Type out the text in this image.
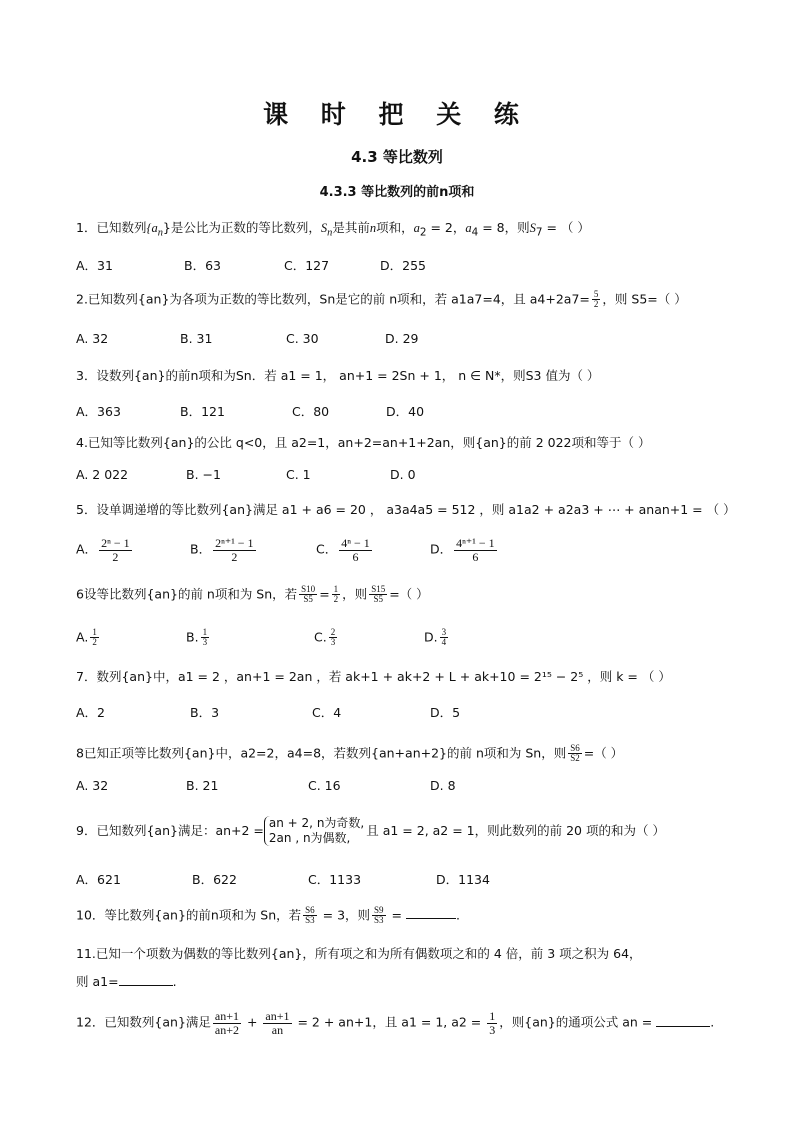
课 时 把 关 练
4.3 等比数列
4.3.3 等比数列的前n项和
1．已知数列$\{a_n\}$是公比为正数的等比数列，$S_n$是其前n项和，$a_2 = 2$，$a_4 = 8$，则$S_7$ = （ ）
A．31	B．63	C．127	D．255
2.已知数列{an}为各项为正数的等比数列，Sn是它的前 n项和，若 a1a7=4，且 $a4+2a7= \frac{5}{2}$ ，则 S5=（ ）
A. 32	B. 31	C. 30	D. 29
3．设数列{an}的前n项和为Sn．若 a1 = 1， an+1 = 2Sn + 1， n ∈ N*，则S3 值为（ ）
A．363	B．121	C．80	D．40
4.已知等比数列{an}的公比 q<0，且 a2=1，an+2=an+1+2an，则{an}的前 2 022项和等于（ ）
A. 2 022	B. −1	C. 1	D. 0
5．设单调递增的等比数列{an}满足 a1 + a6 = 20 ， a3a4a5 = 512 ，则 a1a2 + a2a3 + ⋯ + anan+1 = （ ）
A． $\frac{\text{2ⁿ − 1}}{2}$	B． $\frac{\text{2ⁿ⁺¹ − 1}}{2}$	C． $\frac{\text{4ⁿ − 1}}{6}$	D． $\frac{\text{4ⁿ⁺¹ − 1}}{6}$
6设等比数列{an}的前 n项和为 Sn，若 $\frac{S10}{S5} = \frac{1}{2}$ ，则 $\frac{S15}{S5}$ =（ ）
A. $\frac{1}{2}$	B. $\frac{1}{3}$	C. $\frac{2}{3}$	D. $\frac{3}{4}$
7．数列{an}中，a1 = 2 ，an+1 = 2an ，若 ak+1 + ak+2 + L + ak+10 = 2¹⁵ − 2⁵ ，则 k = （ ）
A．2	B．3	C．4	D．5
8已知正项等比数列{an}中，a2=2，a4=8，若数列{an+an+2}的前 n项和为 Sn，则 $\frac{S6}{S2}$ =（ ）
A. 32	B. 21	C. 16	D. 8
9 ．已知数列{an}满足：an+2 = an + 2, n为奇数,
2an , n为偶数,
且 a1 = 2, a2 = 1，则此数列的前 20 项的和为（ ）
A．621	B．622	C．1133	D．1134
10．等比数列{an}的前n项和为 Sn，若 $\frac{S6}{S3} = 3$，则 $\frac{S9}{S3}$ =	.
11.已知一个项数为偶数的等比数列{an}，所有项之和为所有偶数项之和的 4 倍，前 3 项之积为 64，
则 a1=	.
12．已知数列{an}满足 $\frac{an+1}{an+2} + \frac{an+1}{an} = 2 + an+1$，且 a1 = 1, $a2 = \frac{1}{3}$ ，则{an}的通项公式 an =	.
